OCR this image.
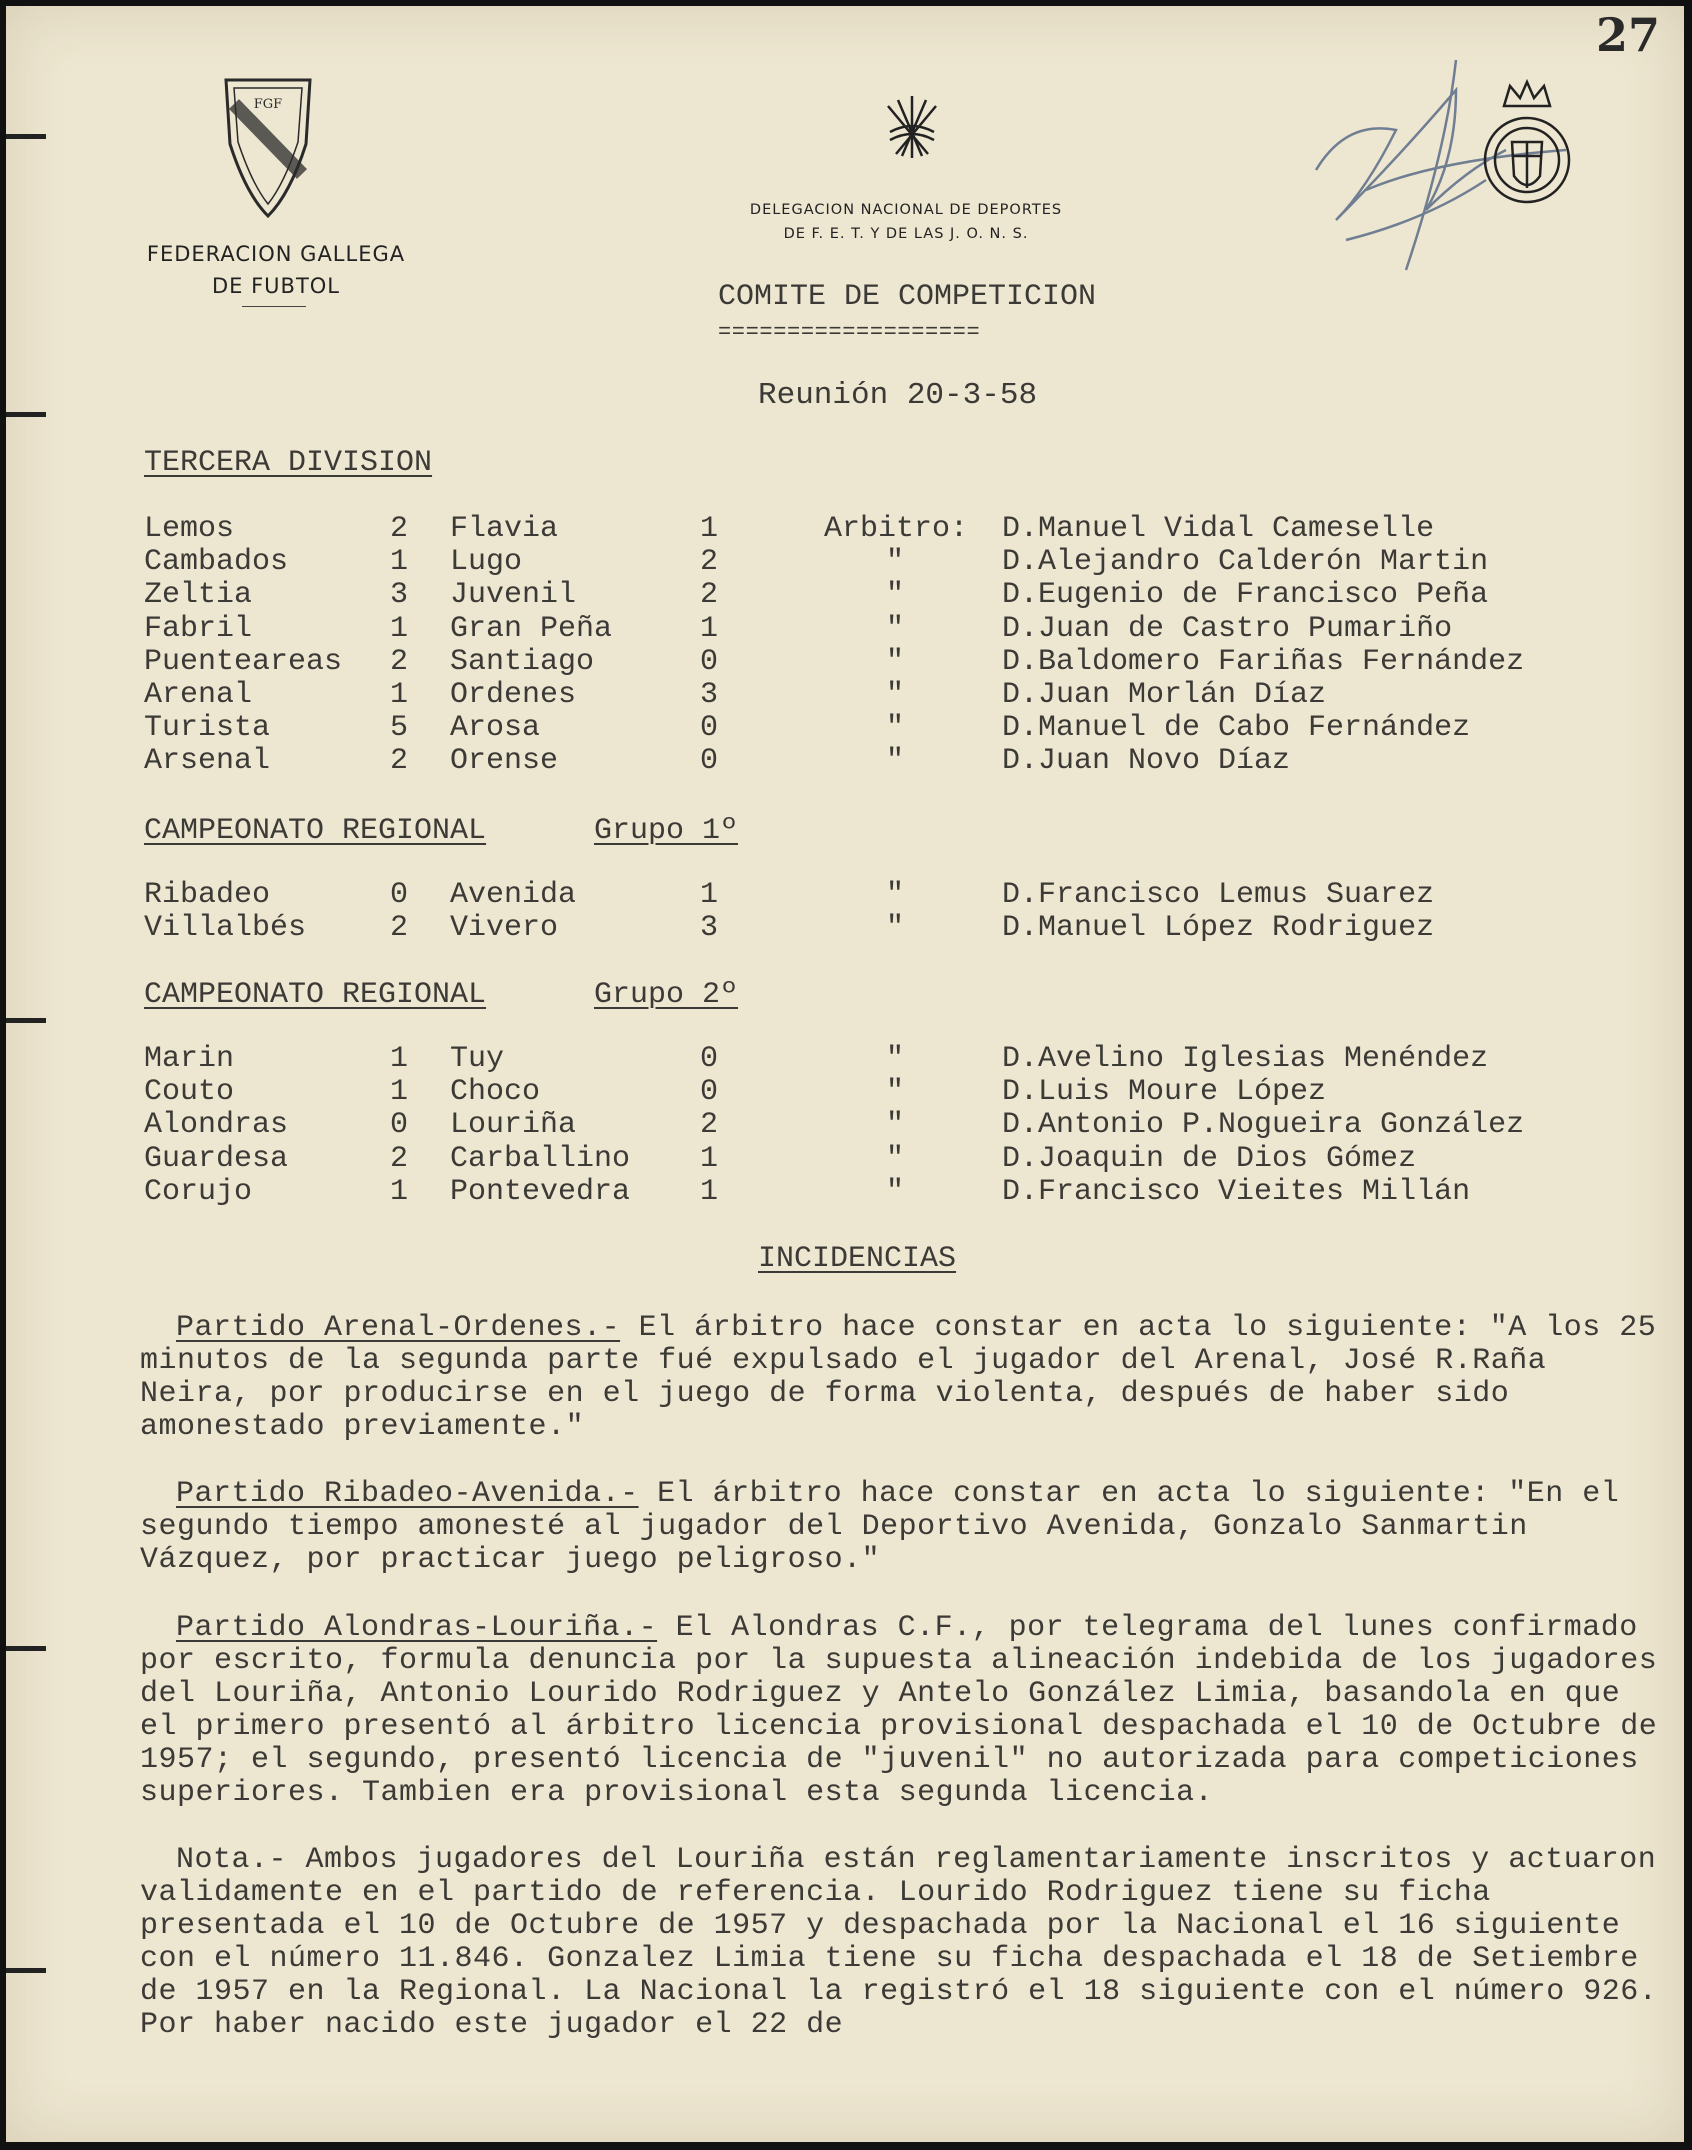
27
FGF
FEDERACION GALLEGA
DE FUBTOL
DELEGACION NACIONAL DE DEPORTES
DE F. E. T. Y DE LAS J. O. N. S.
COMITE DE COMPETICION
===================
Reunión 20-3-58
TERCERA DIVISION
Lemos	2 Flavia	1	Arbitro: D.Manuel Vidal Cameselle
Cambados	1 Lugo	2	"	D.Alejandro Calderón Martin
Zeltia	3 Juvenil	2	"	D.Eugenio de Francisco Peña
Fabril	1 Gran Peña	1	"	D.Juan de Castro Pumariño
Puenteareas 2 Santiago	0	"	D.Baldomero Fariñas Fernández
Arenal	1 Ordenes	3	"	D.Juan Morlán Díaz
Turista	5 Arosa	0	"	D.Manuel de Cabo Fernández
Arsenal	2 Orense	0	"	D.Juan Novo Díaz
CAMPEONATO REGIONAL	Grupo 1º
Ribadeo	0 Avenida	1	"	D.Francisco Lemus Suarez
Villalbés	2 Vivero	3	"	D.Manuel López Rodriguez
CAMPEONATO REGIONAL	Grupo 2º
Marin	1 Tuy	0	"	D.Avelino Iglesias Menéndez
Couto	1 Choco	0	"	D.Luis Moure López
Alondras	0 Louriña	2	"	D.Antonio P.Nogueira González
Guardesa	2 Carballino 1	"	D.Joaquin de Dios Gómez
Corujo	1 Pontevedra 1	"	D.Francisco Vieites Millán
INCIDENCIAS
Partido Arenal-Ordenes.- El árbitro hace constar en acta lo siguiente: "A los 25 minutos de la segunda parte fué expulsado el jugador del Arenal, José R.Raña Neira, por producirse en el juego de forma violenta, después de haber sido amonestado previamente."
Partido Ribadeo-Avenida.- El árbitro hace constar en acta lo siguiente: "En el segundo tiempo amonesté al jugador del Deportivo Avenida, Gonzalo Sanmartin Vázquez, por practicar juego peligroso."
Partido Alondras-Louriña.- El Alondras C.F., por telegrama del lunes confirmado por escrito, formula denuncia por la supuesta alineación indebida de los jugadores del Louriña, Antonio Lourido Rodriguez y Antelo González Limia, basandola en que el primero presentó al árbitro licencia provisional despachada el 10 de Octubre de 1957; el segundo, presentó licencia de "juvenil" no autorizada para competiciones superiores. Tambien era provisional esta segunda licencia.
Nota.- Ambos jugadores del Louriña están reglamentariamente inscritos y actuaron validamente en el partido de referencia. Lourido Rodriguez tiene su ficha presentada el 10 de Octubre de 1957 y despachada por la Nacional el 16 siguiente con el número 11.846. Gonzalez Limia tiene su ficha despachada el 18 de Setiembre de 1957 en la Regional. La Nacional la registró el 18 siguiente con el número 926. Por haber nacido este jugador el 22 de
